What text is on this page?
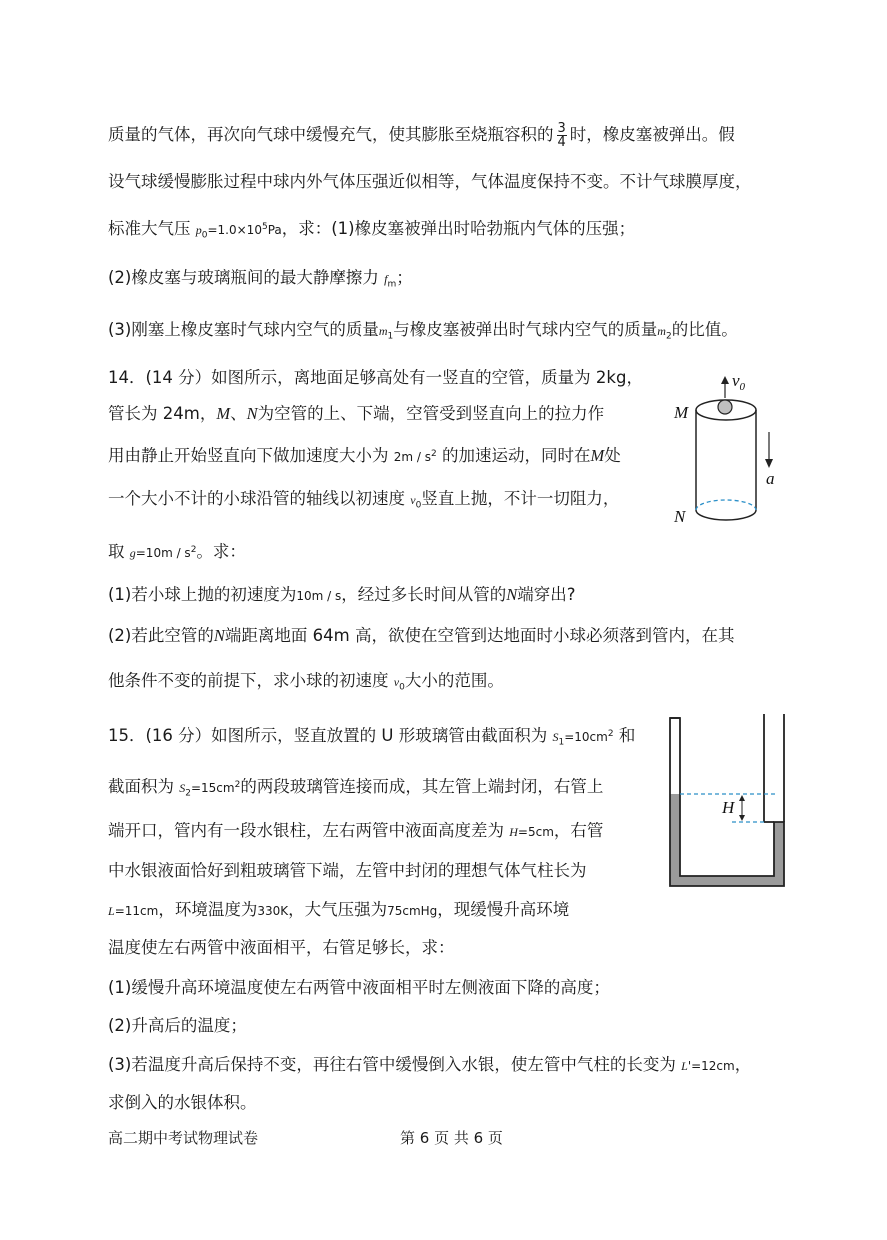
质量的气体，再次向气球中缓慢充气，使其膨胀至烧瓶容积的 $\frac{3}{4}$ 时，橡皮塞被弹出。假
设气球缓慢膨胀过程中球内外气体压强近似相等，气体温度保持不变。不计气球膜厚度，
标准大气压 $p_0=1.0\times 10^5Pa$，求：(1)橡皮塞被弹出时哈勃瓶内气体的压强；
(2)橡皮塞与玻璃瓶间的最大静摩擦力 $f_m$；
(3)刚塞上橡皮塞时气球内空气的质量$m_1$与橡皮塞被弹出时气球内空气的质量$m_2$的比值。
14．(14 分）如图所示，离地面足够高处有一竖直的空管，质量为 2kg，
管长为 24m，M、N为空管的上、下端，空管受到竖直向上的拉力作
用由静止开始竖直向下做加速度大小为 $2m / s^2$ 的加速运动，同时在M处
一个大小不计的小球沿管的轴线以初速度 $v_0$竖直上抛，不计一切阻力，
取 $g=10m / s^2$。求：
(1)若小球上抛的初速度为10m / s，经过多长时间从管的N端穿出?
(2)若此空管的N端距离地面 64m 高，欲使在空管到达地面时小球必须落到管内，在其
他条件不变的前提下，求小球的初速度 $v_0$大小的范围。
$v_0$
M
a
N
15．(16 分）如图所示，竖直放置的 U 形玻璃管由截面积为 $S_1=10cm^2$ 和
截面积为 $S_2=15cm^2$的两段玻璃管连接而成，其左管上端封闭，右管上
端开口，管内有一段水银柱，左右两管中液面高度差为 H=5cm，右管
中水银液面恰好到粗玻璃管下端，左管中封闭的理想气体气柱长为
L=11cm，环境温度为330K，大气压强为75cmHg，现缓慢升高环境
温度使左右两管中液面相平，右管足够长，求：
(1)缓慢升高环境温度使左右两管中液面相平时左侧液面下降的高度；
(2)升高后的温度；
(3)若温度升高后保持不变，再往右管中缓慢倒入水银，使左管中气柱的长变为 L'=12cm，
求倒入的水银体积。
H
高二期中考试物理试卷	第 6 页 共 6 页
